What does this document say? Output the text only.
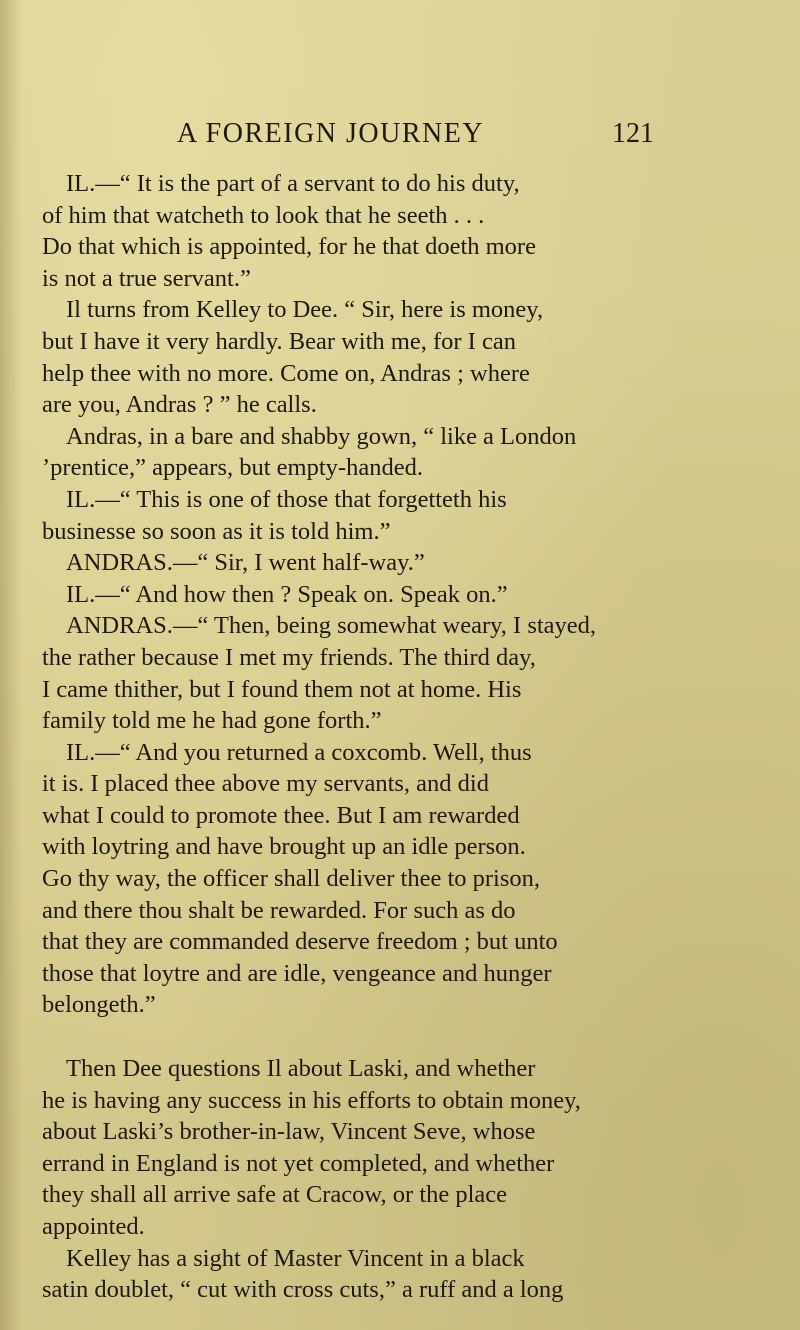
A FOREIGN JOURNEY	121
IL.—“ It is the part of a servant to do his duty,
of him that watcheth to look that he seeth . . .
Do that which is appointed, for he that doeth more
is not a true servant.”
Il turns from Kelley to Dee. “ Sir, here is money,
but I have it very hardly. Bear with me, for I can
help thee with no more. Come on, Andras ; where
are you, Andras ? ” he calls.
Andras, in a bare and shabby gown, “ like a London
’prentice,” appears, but empty-handed.
IL.—“ This is one of those that forgetteth his
businesse so soon as it is told him.”
ANDRAS.—“ Sir, I went half-way.”
IL.—“ And how then ? Speak on. Speak on.”
ANDRAS.—“ Then, being somewhat weary, I stayed,
the rather because I met my friends. The third day,
I came thither, but I found them not at home. His
family told me he had gone forth.”
IL.—“ And you returned a coxcomb. Well, thus
it is. I placed thee above my servants, and did
what I could to promote thee. But I am rewarded
with loytring and have brought up an idle person.
Go thy way, the officer shall deliver thee to prison,
and there thou shalt be rewarded. For such as do
that they are commanded deserve freedom ; but unto
those that loytre and are idle, vengeance and hunger
belongeth.”
Then Dee questions Il about Laski, and whether
he is having any success in his efforts to obtain money,
about Laski’s brother-in-law, Vincent Seve, whose
errand in England is not yet completed, and whether
they shall all arrive safe at Cracow, or the place
appointed.
Kelley has a sight of Master Vincent in a black
satin doublet, “ cut with cross cuts,” a ruff and a long
